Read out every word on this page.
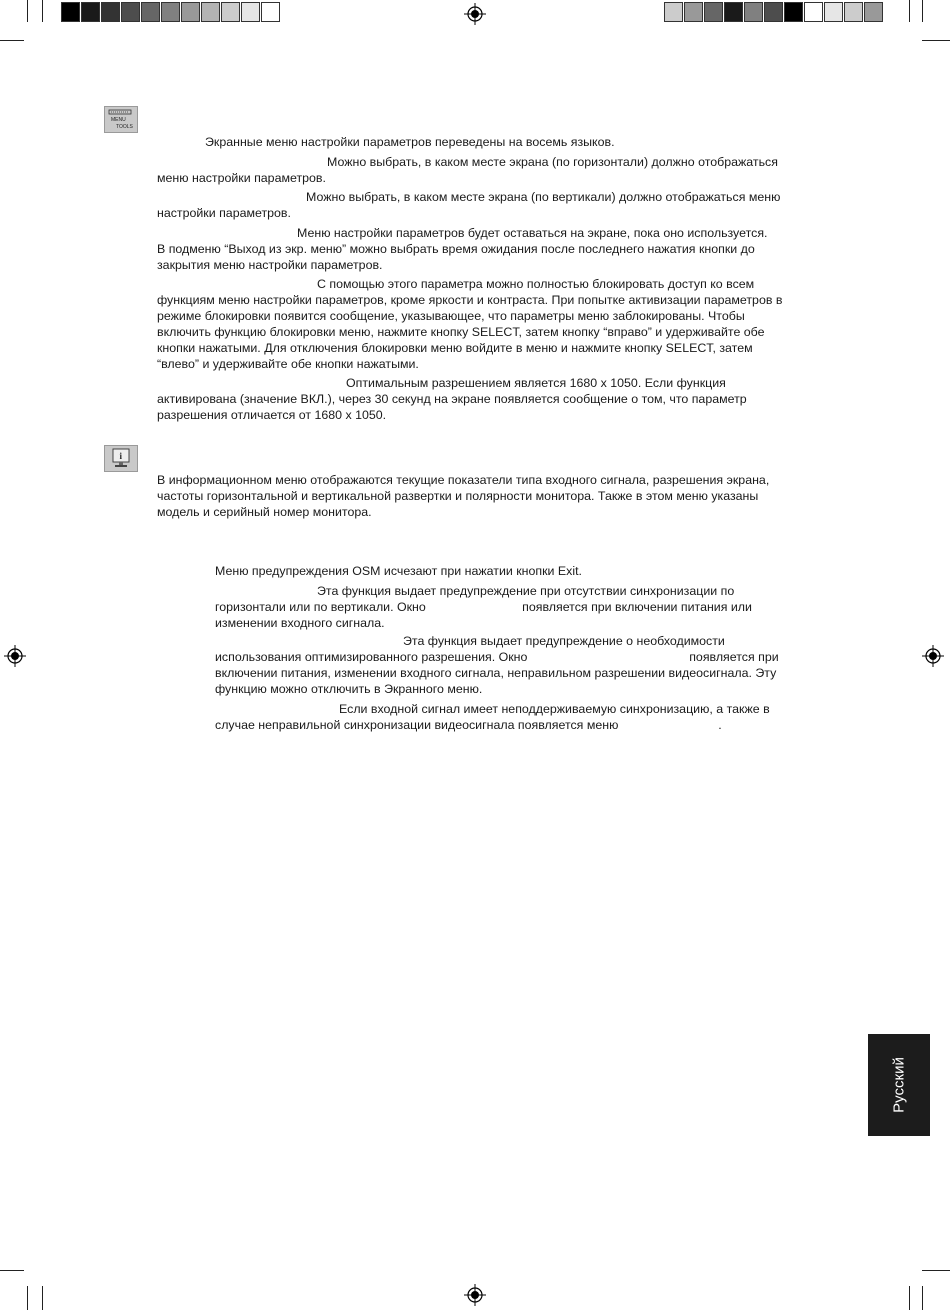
MENU
TOOLS

Экранные меню настройки параметров переведены на восемь языков.

Можно выбрать, в каком месте экрана (по горизонтали) должно отображаться
меню настройки параметров.

Можно выбрать, в каком месте экрана (по вертикали) должно отображаться меню
настройки параметров.

Меню настройки параметров будет оставаться на экране, пока оно используется.
В подменю “Выход из экр. меню” можно выбрать время ожидания после последнего нажатия кнопки до
закрытия меню настройки параметров.

С помощью этого параметра можно полностью блокировать доступ ко всем
функциям меню настройки параметров, кроме яркости и контраста. При попытке активизации параметров в
режиме блокировки появится сообщение, указывающее, что параметры меню заблокированы. Чтобы
включить функцию блокировки меню, нажмите кнопку SELECT, затем кнопку “вправо” и удерживайте обе
кнопки нажатыми. Для отключения блокировки меню войдите в меню и нажмите кнопку SELECT, затем
“влево” и удерживайте обе кнопки нажатыми.

Оптимальным разрешением является 1680 x 1050. Если функция
активирована (значение ВКЛ.), через 30 секунд на экране появляется сообщение о том, что параметр
разрешения отличается от 1680 x 1050.

i

В информационном меню отображаются текущие показатели типа входного сигнала, разрешения экрана,
частоты горизонтальной и вертикальной развертки и полярности монитора. Также в этом меню указаны
модель и серийный номер монитора.

Меню предупреждения OSM исчезают при нажатии кнопки Exit.

Эта функция выдает предупреждение при отсутствии синхронизации по
горизонтали или по вертикали. Окно                            появляется при включении питания или
изменении входного сигнала.

Эта функция выдает предупреждение о необходимости
использования оптимизированного разрешения. Окно                                               появляется при
включении питания, изменении входного сигнала, неправильном разрешении видеосигнала. Эту
функцию можно отключить в Экранного меню.

Если входной сигнал имеет неподдерживаемую синхронизацию, а также в
случае неправильной синхронизации видеосигнала появляется меню                             .

Русский
